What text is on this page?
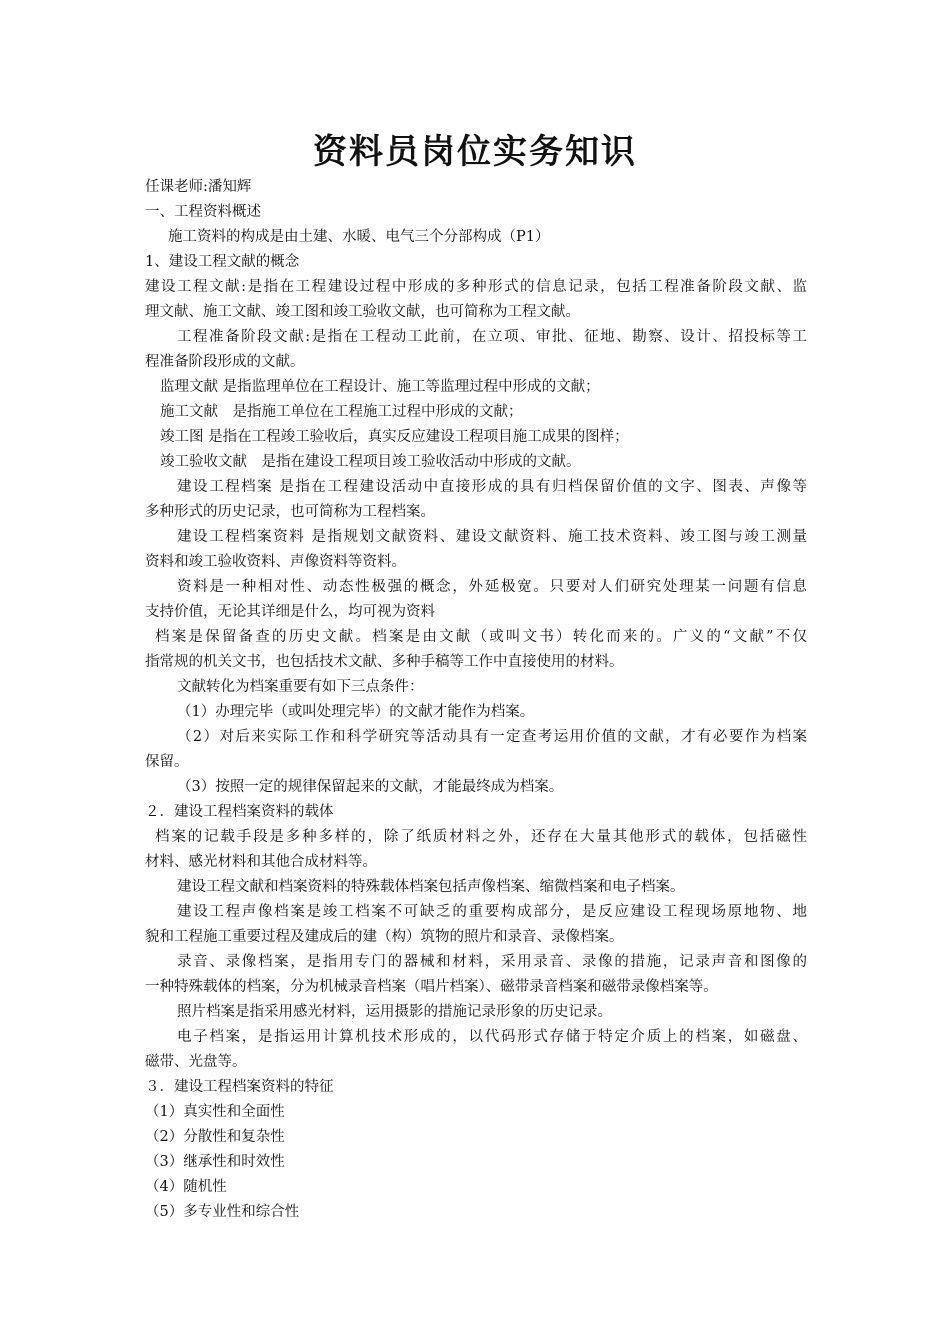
资料员岗位实务知识
任课老师:潘知辉
一、工程资料概述
施工资料的构成是由土建、水暖、电气三个分部构成（P1）
1、建设工程文献的概念
建设工程文献:是指在工程建设过程中形成的多种形式的信息记录，包括工程准备阶段文献、监
理文献、施工文献、竣工图和竣工验收文献，也可简称为工程文献。
工程准备阶段文献:是指在工程动工此前，在立项、审批、征地、勘察、设计、招投标等工
程准备阶段形成的文献。
监理文献 是指监理单位在工程设计、施工等监理过程中形成的文献；
施工文献　是指施工单位在工程施工过程中形成的文献；
竣工图 是指在工程竣工验收后，真实反应建设工程项目施工成果的图样；
竣工验收文献　是指在建设工程项目竣工验收活动中形成的文献。
建设工程档案 是指在工程建设活动中直接形成的具有归档保留价值的文字、图表、声像等
多种形式的历史记录，也可简称为工程档案。
建设工程档案资料 是指规划文献资料、建设文献资料、施工技术资料、竣工图与竣工测量
资料和竣工验收资料、声像资料等资料。
资料是一种相对性、动态性极强的概念，外延极宽。只要对人们研究处理某一问题有信息
支持价值，无论其详细是什么，均可视为资料
档案是保留备查的历史文献。档案是由文献（或叫文书）转化而来的。广义的“文献”不仅
指常规的机关文书，也包括技术文献、多种手稿等工作中直接使用的材料。
文献转化为档案重要有如下三点条件：
（1）办理完毕（或叫处理完毕）的文献才能作为档案。
（2）对后来实际工作和科学研究等活动具有一定查考运用价值的文献，才有必要作为档案
保留。
（3）按照一定的规律保留起来的文献，才能最终成为档案。
２．建设工程档案资料的载体
档案的记载手段是多种多样的，除了纸质材料之外，还存在大量其他形式的载体，包括磁性
材料、感光材料和其他合成材料等。
建设工程文献和档案资料的特殊载体档案包括声像档案、缩微档案和电子档案。
建设工程声像档案是竣工档案不可缺乏的重要构成部分，是反应建设工程现场原地物、地
貌和工程施工重要过程及建成后的建（构）筑物的照片和录音、录像档案。
录音、录像档案，是指用专门的器械和材料，采用录音、录像的措施，记录声音和图像的
一种特殊载体的档案，分为机械录音档案（唱片档案）、磁带录音档案和磁带录像档案等。
照片档案是指采用感光材料，运用摄影的措施记录形象的历史记录。
电子档案，是指运用计算机技术形成的，以代码形式存储于特定介质上的档案，如磁盘、
磁带、光盘等。
３．建设工程档案资料的特征
（1）真实性和全面性
（2）分散性和复杂性
（3）继承性和时效性
（4）随机性
（5）多专业性和综合性
